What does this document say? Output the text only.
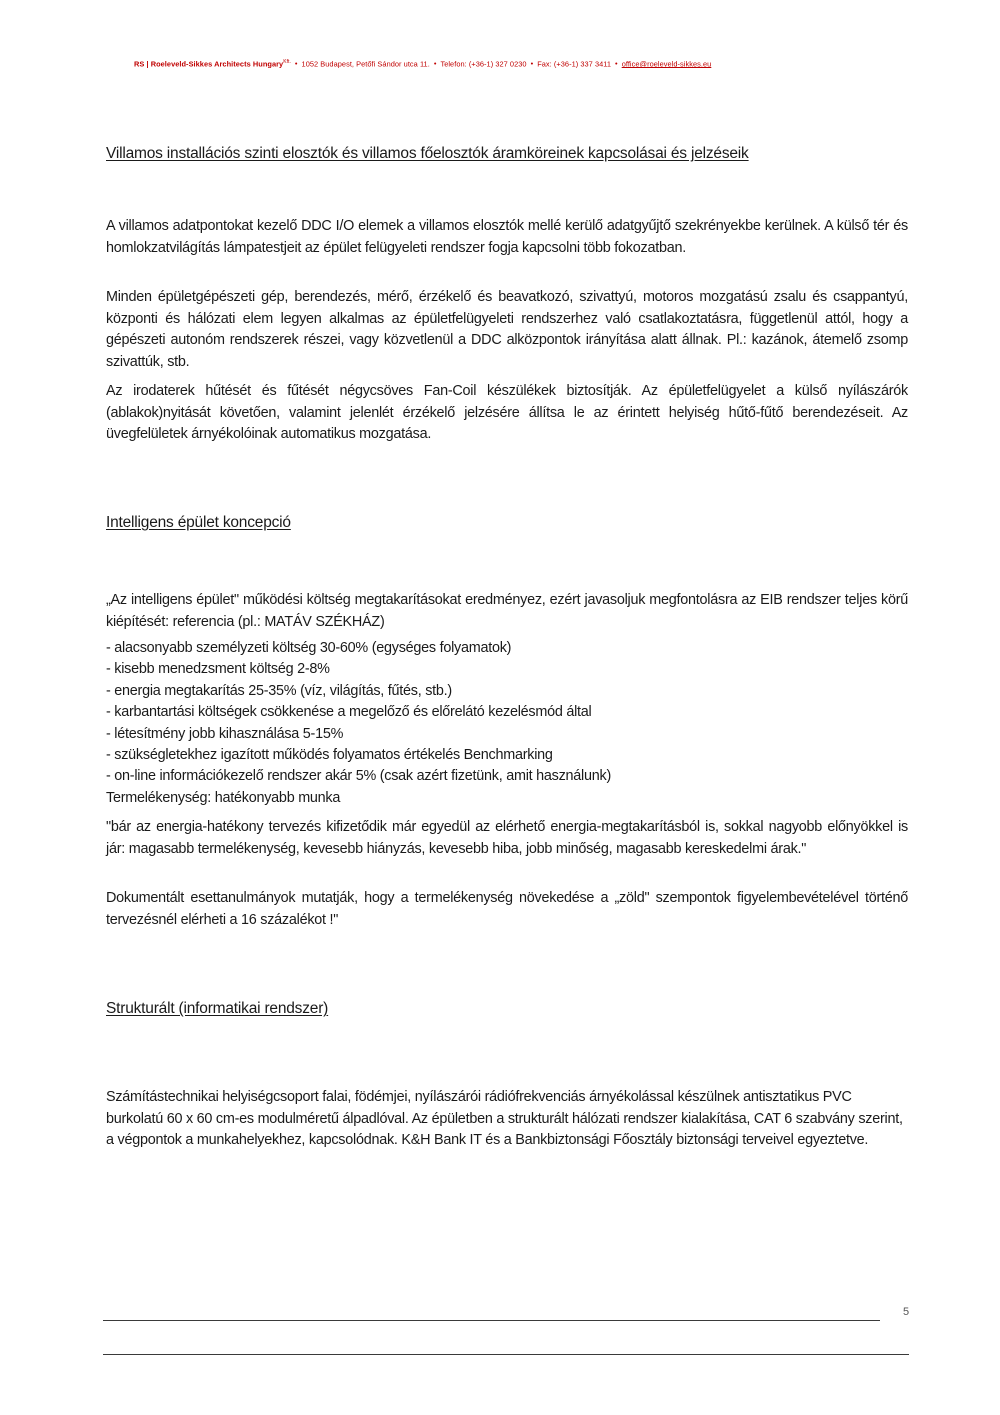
RS | Roeleveld-Sikkes Architects Hungary$^{Kft.}$ • 1052 Budapest, Petőfi Sándor utca 11. • Telefon: (+36-1) 327 0230 • Fax: (+36-1) 337 3411 • office@roeleveld-sikkes.eu
Villamos installációs szinti elosztók és villamos főelosztók áramköreinek kapcsolásai és jelzéseik

A villamos adatpontokat kezelő DDC I/O elemek a villamos elosztók mellé kerülő adatgyűjtő szekrényekbe kerülnek. A külső tér és homlokzatvilágítás lámpatestjeit az épület felügyeleti rendszer fogja kapcsolni több fokozatban.

Minden épületgépészeti gép, berendezés, mérő, érzékelő és beavatkozó, szivattyú, motoros mozgatású zsalu és csappantyú, központi és hálózati elem legyen alkalmas az épületfelügyeleti rendszerhez való csatlakoztatásra, függetlenül attól, hogy a gépészeti autonóm rendszerek részei, vagy közvetlenül a DDC alközpontok irányítása alatt állnak. Pl.: kazánok, átemelő zsomp szivattúk, stb.

Az irodaterek hűtését és fűtését négycsöves Fan-Coil készülékek biztosítják. Az épületfelügyelet a külső nyílászárók (ablakok)nyitását követően, valamint jelenlét érzékelő jelzésére állítsa le az érintett helyiség hűtő-fűtő berendezéseit. Az üvegfelületek árnyékolóinak automatikus mozgatása.

Intelligens épület koncepció

„Az intelligens épület" működési költség megtakarításokat eredményez, ezért javasoljuk megfontolásra az EIB rendszer teljes körű kiépítését: referencia (pl.: MATÁV SZÉKHÁZ)

- alacsonyabb személyzeti költség 30-60% (egységes folyamatok)
- kisebb menedzsment költség 2-8%
- energia megtakarítás 25-35% (víz, világítás, fűtés, stb.)
- karbantartási költségek csökkenése a megelőző és előrelátó kezelésmód által
- létesítmény jobb kihasználása 5-15%
- szükségletekhez igazított működés folyamatos értékelés Benchmarking
- on-line információkezelő rendszer akár 5% (csak azért fizetünk, amit használunk)
Termelékenység: hatékonyabb munka

"bár az energia-hatékony tervezés kifizetődik már egyedül az elérhető energia-megtakarításból is, sokkal nagyobb előnyökkel is jár: magasabb termelékenység, kevesebb hiányzás, kevesebb hiba, jobb minőség, magasabb kereskedelmi árak."

Dokumentált esettanulmányok mutatják, hogy a termelékenység növekedése a „zöld" szempontok figyelembevételével történő tervezésnél elérheti a 16 százalékot !"

Strukturált (informatikai rendszer)

Számítástechnikai helyiségcsoport falai, födémjei, nyílászárói rádiófrekvenciás árnyékolással készülnek antisztatikus PVC burkolatú 60 x 60 cm-es modulméretű álpadlóval. Az épületben a strukturált hálózati rendszer kialakítása, CAT 6 szabvány szerint, a végpontok a munkahelyekhez, kapcsolódnak. K&H Bank IT és a Bankbiztonsági Főosztály biztonsági terveivel egyeztetve.

5
